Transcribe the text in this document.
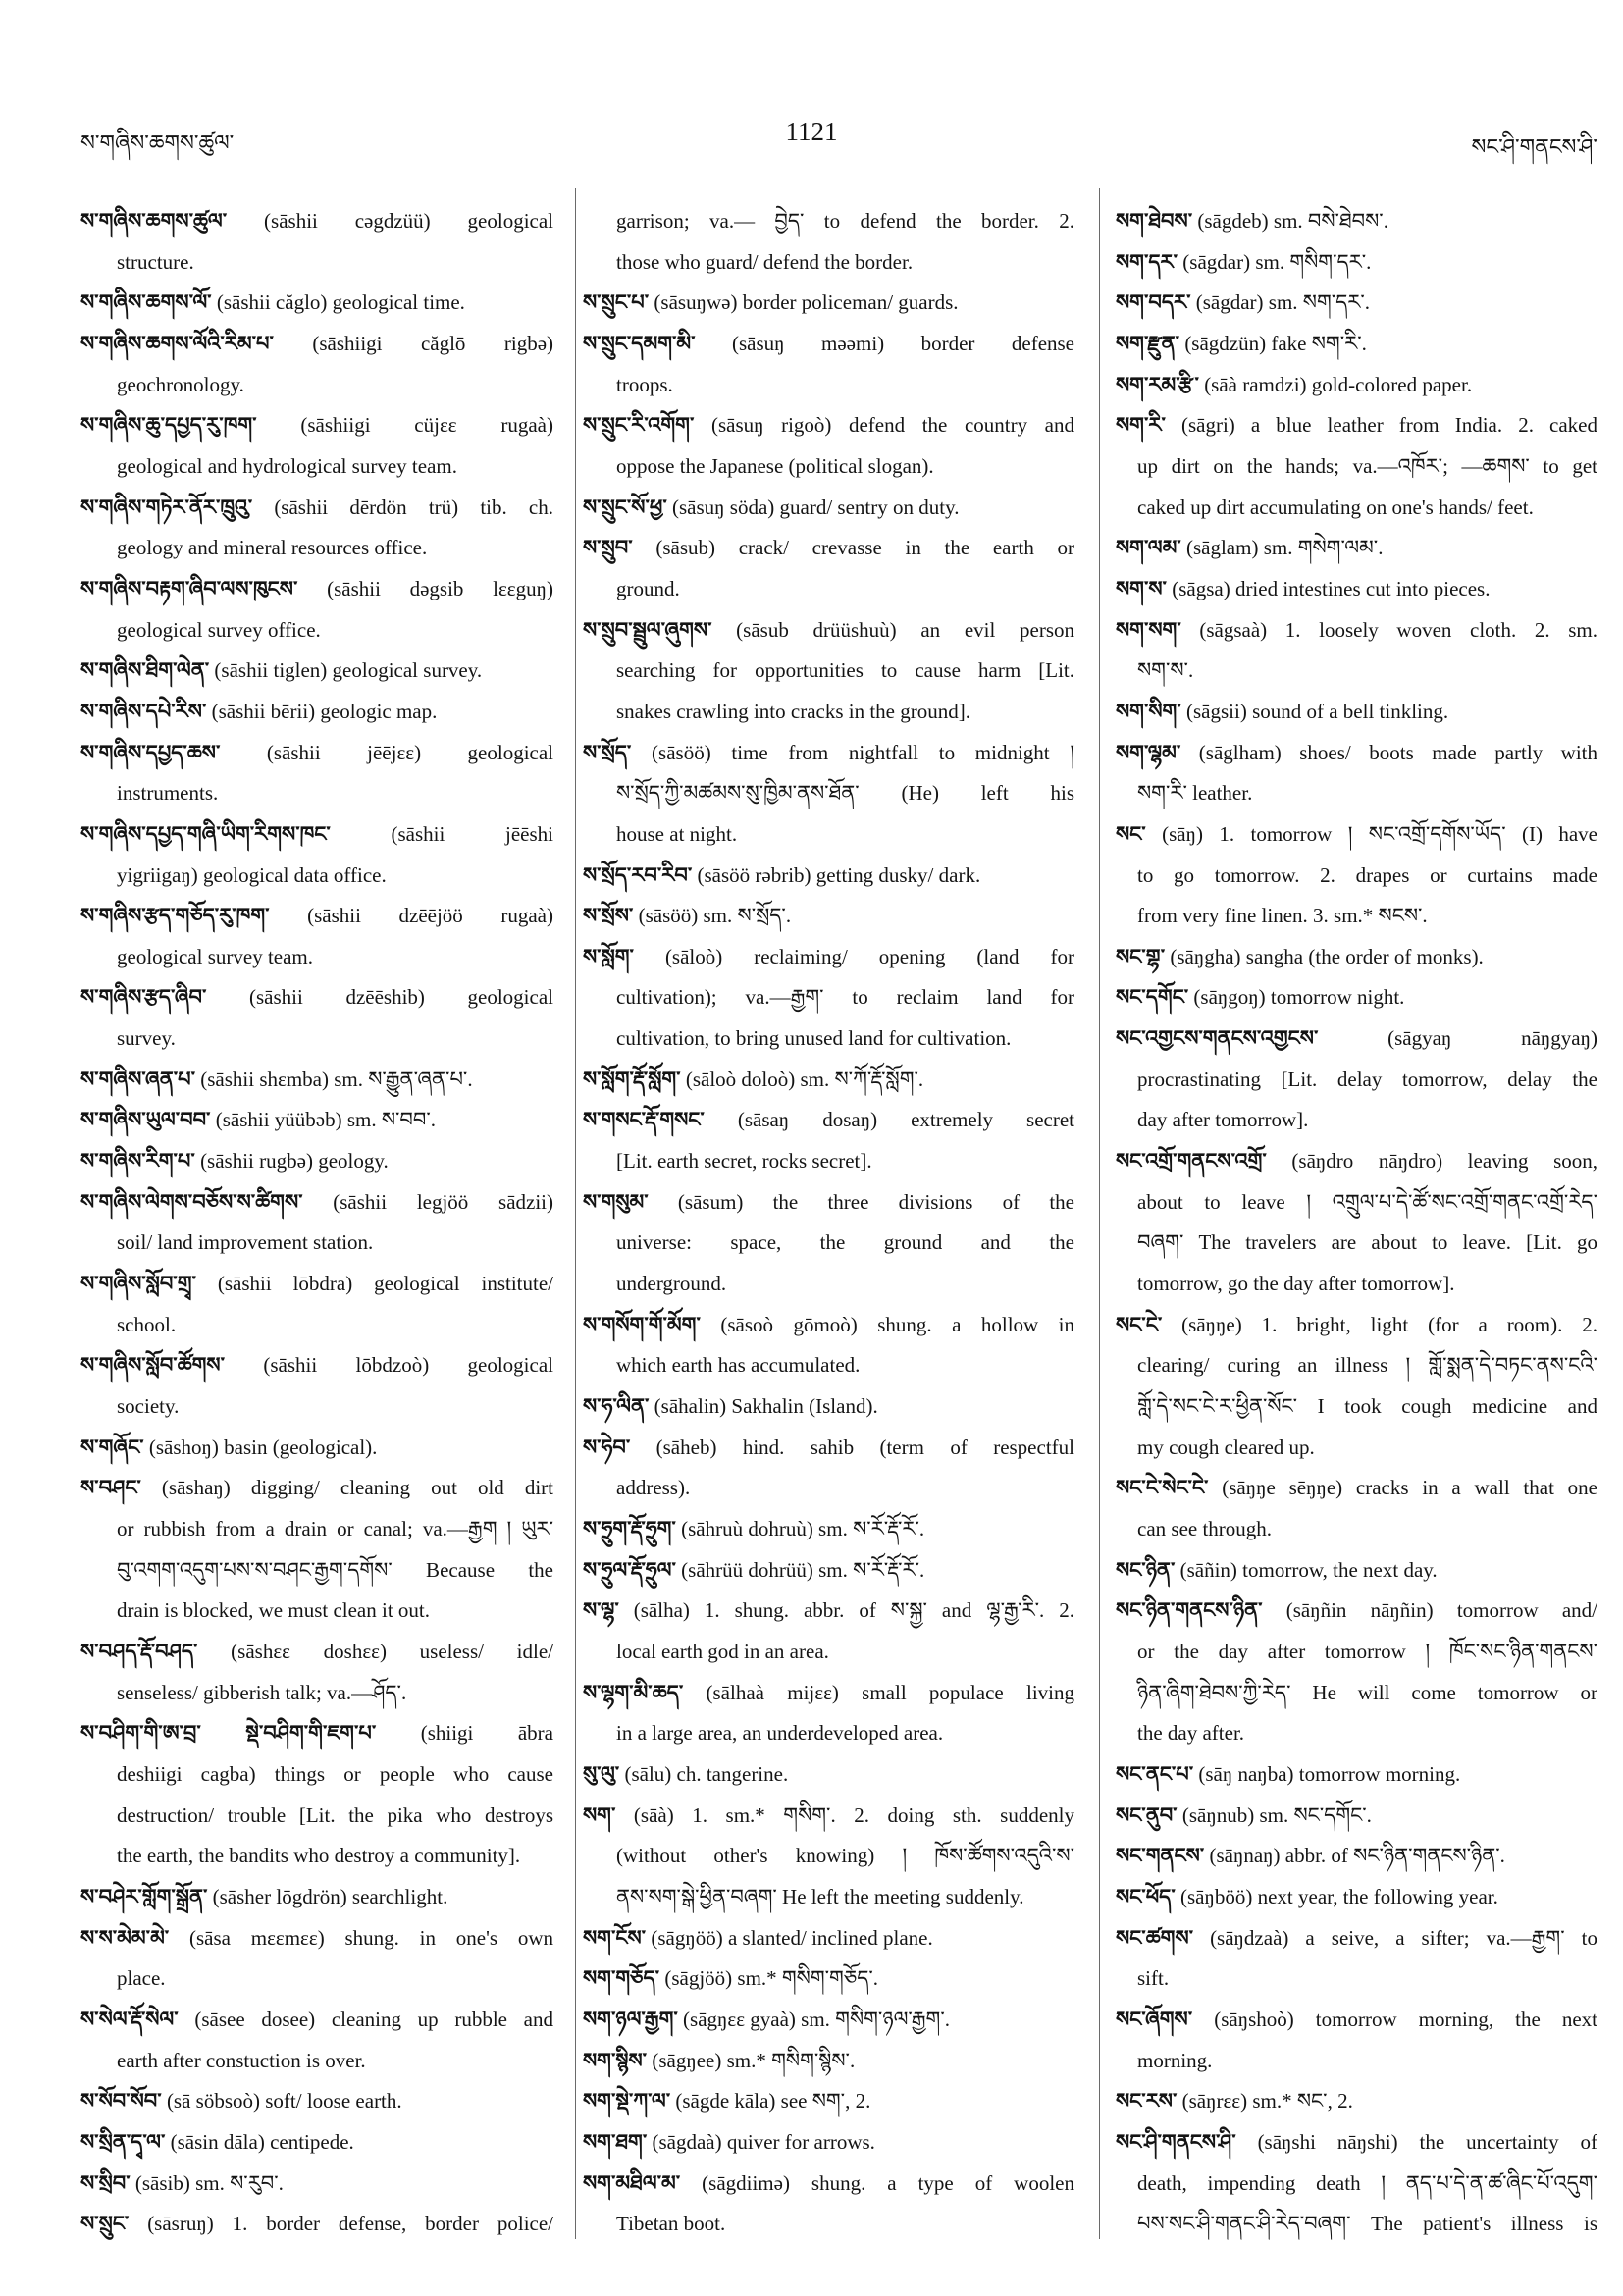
ས་གཞིས་ཆགས་ཚུལ་	1121
སང་ཤི་གནངས་ཤི་
ས་གཞིས་ཆགས་ཚུལ་ (sāshii cəgdzüü) geological
structure.
ས་གཞིས་ཆགས་ལོ་ (sāshii căglo) geological time.
ས་གཞིས་ཆགས་ལོའི་རིམ་པ་ (sāshiigi căglō rigbə)
geochronology.
ས་གཞིས་ཆུ་དཔྱད་རུ་ཁག་ (sāshiigi cüjεε rugaà)
geological and hydrological survey team.
ས་གཞིས་གཏེར་ནོར་ཁྲུའུ་ (sāshii dērdön trü) tib. ch.
geology and mineral resources office.
ས་གཞིས་བརྟག་ཞིབ་ལས་ཁུངས་ (sāshii dəgsib lεεguŋ)
geological survey office.
ས་གཞིས་ཐིག་ལེན་ (sāshii tiglen) geological survey.
ས་གཞིས་དཔེ་རིས་ (sāshii bērii) geologic map.
ས་གཞིས་དཔྱད་ཆས་ (sāshii jēējεε) geological
instruments.
ས་གཞིས་དཔྱད་གཞི་ཡིག་རིགས་ཁང་	(sāshii jēēshi
yigriigaŋ) geological data office.
ས་གཞིས་རྩད་གཅོད་རུ་ཁག་ (sāshii dzēējöö rugaà)
geological survey team.
ས་གཞིས་རྩད་ཞིབ་ (sāshii dzēēshib) geological
survey.
ས་གཞིས་ཞན་པ་ (sāshii shεmba) sm. ས་རྒྱུན་ཞན་པ་.
ས་གཞིས་ཡུལ་བབ་ (sāshii yüübəb) sm. ས་བབ་.
ས་གཞིས་རིག་པ་ (sāshii rugbə) geology.
ས་གཞིས་ལེགས་བཅོས་ས་ཚིགས་ (sāshii legjöö sādzii)
soil/ land improvement station.
ས་གཞིས་སློབ་གྲྭ་ (sāshii lōbdra) geological institute/
school.
ས་གཞིས་སློབ་ཚོགས་ (sāshii lōbdzoò) geological
society.
ས་གཞོང་ (sāshoŋ) basin (geological).
ས་བཤང་ (sāshaŋ) digging/ cleaning out old dirt
or rubbish from a drain or canal; va.—རྒྱག ། ཡུར་
བུ་འགག་འདུག་པས་ས་བཤང་རྒྱག་དགོས་ Because the
drain is blocked, we must clean it out.
ས་བཤད་རྡོ་བཤད་ (sāshεε doshεε) useless/ idle/
senseless/ gibberish talk; va.—ཤོད་.
ས་བཤིག་གི་ཨ་བྲ་ སྡེ་བཤིག་གི་ཇག་པ་ (shiigi ābra
deshiigi cagba) things or people who cause
destruction/ trouble [Lit. the pika who destroys
the earth, the bandits who destroy a community].
ས་བཤེར་གློག་སྒྲོན་ (sāsher lōgdrön) searchlight.
ས་ས་མེམ་མེ་ (sāsa mεεmεε) shung. in one's own
place.
ས་སེལ་རྡོ་སེལ་ (sāsee dosee) cleaning up rubble and
earth after constuction is over.
ས་སོབ་སོབ་ (sā söbsoò) soft/ loose earth.
ས་སྲིན་དྭ་ལ་ (sāsin dāla) centipede.
ས་སྲིབ་ (sāsib) sm. ས་རུབ་.
ས་སྲུང་ (sāsruŋ) 1. border defense, border police/
garrison; va.— བྱེད་ to defend the border. 2.
those who guard/ defend the border.
ས་སྲུང་པ་ (sāsuŋwə) border policeman/ guards.
ས་སྲུང་དམག་མི་ (sāsuŋ məəmi) border defense
troops.
ས་སྲུང་རི་འགོག་ (sāsuŋ rigoò) defend the country and
oppose the Japanese (political slogan).
ས་སྲུང་སོ་ཕྱ་ (sāsuŋ söda) guard/ sentry on duty.
ས་སྲུབ་ (sāsub) crack/ crevasse in the earth or
ground.
ས་སྲུབ་སྦྲུལ་ཞུགས་ (sāsub drüüshuù) an evil person
searching for opportunities to cause harm [Lit.
snakes crawling into cracks in the ground].
ས་སྲོད་ (sāsöö) time from nightfall to midnight །
ས་སྲོད་ཀྱི་མཚམས་སུ་ཁྱིམ་ནས་ཐོན་ (He) left his
house at night.
ས་སྲོད་རབ་རིབ་ (sāsöö rəbrib) getting dusky/ dark.
ས་སྲོས་ (sāsöö) sm. ས་སྲོད་.
ས་སློག་ (sāloò) reclaiming/ opening (land for
cultivation); va.—རྒྱག་ to reclaim land for
cultivation, to bring unused land for cultivation.
ས་སློག་རྡོ་སློག་ (sāloò doloò) sm. ས་ཀོ་རྡོ་སློག་.
ས་གསང་རྡོ་གསང་ (sāsaŋ dosaŋ) extremely secret
[Lit. earth secret, rocks secret].
ས་གསུམ་ (sāsum) the three divisions of the
universe: space, the ground and the
underground.
ས་གསོག་གོ་མོག་ (sāsoò gōmoò) shung. a hollow in
which earth has accumulated.
ས་ཧ་ལིན་ (sāhalin) Sakhalin (Island).
ས་ཧེབ་ (sāheb) hind. sahib (term of respectful
address).
ས་ཧྲུག་རྡོ་ཧྲུག་ (sāhruù dohruù) sm. ས་རོ་རྡོ་རོ་.
ས་ཧྲུལ་རྡོ་ཧྲུལ་ (sāhrüü dohrüü) sm. ས་རོ་རྡོ་རོ་.
ས་ལྷ་ (sālha) 1. shung. abbr. of ས་སྐྱ་ and ལྷ་རྒྱ་རི་. 2.
local earth god in an area.
ས་ལྷག་མི་ཆད་ (sālhaà mijεε) small populace living
in a large area, an underdeveloped area.
སུ་ལུ་ (sālu) ch. tangerine.
སག་ (sāà) 1. sm.* གསིག་. 2. doing sth. suddenly
(without other's knowing) ། ཁོས་ཚོགས་འདུའི་ས་
ནས་སག་སྒེ་ཕྱིན་བཞག་ He left the meeting suddenly.
སག་ངོས་ (sāgŋöö) a slanted/ inclined plane.
སག་གཅོད་ (sāgjöö) sm.* གསིག་གཅོད་.
སག་ཉལ་རྒྱག་ (sāgŋεε gyaà) sm. གསིག་ཉལ་རྒྱག་.
སག་སྙིས་ (sāgŋee) sm.* གསིག་སྙིས་.
སག་སྡེ་ཀ་ལ་ (sāgde kāla) see སག་, 2.
སག་ཐག་ (sāgdaà) quiver for arrows.
སག་མཐིལ་མ་ (sāgdiimə) shung. a type of woolen
Tibetan boot.
སག་ཐེབས་ (sāgdeb) sm. བསེ་ཐེབས་.
སག་དར་ (sāgdar) sm. གསིག་དར་.
སག་བདར་ (sāgdar) sm. སག་དར་.
སག་རྫུན་ (sāgdzün) fake སག་རི་.
སག་རམ་རྩི་ (sāà ramdzi) gold-colored paper.
སག་རི་ (sāgri) a blue leather from India. 2. caked
up dirt on the hands; va.—འཁོར་; —ཆགས་ to get
caked up dirt accumulating on one's hands/ feet.
སག་ལམ་ (sāglam) sm. གསེག་ལམ་.
སག་ས་ (sāgsa) dried intestines cut into pieces.
སག་སག་ (sāgsaà) 1. loosely woven cloth. 2. sm.
སག་ས་.
སག་སིག་ (sāgsii) sound of a bell tinkling.
སག་ལྷམ་ (sāglham) shoes/ boots made partly with
སག་རི་ leather.
སང་ (sāŋ) 1. tomorrow ། སང་འགྲོ་དགོས་ཡོད་ (I) have
to go tomorrow. 2. drapes or curtains made
from very fine linen. 3. sm.* སངས་.
སང་གྷ་ (sāŋgha) sangha (the order of monks).
སང་དགོང་ (sāŋgoŋ) tomorrow night.
སང་འགྱངས་གནངས་འགྱངས་	(sāgyaŋ nāŋgyaŋ)
procrastinating [Lit. delay tomorrow, delay the
day after tomorrow].
སང་འགྲོ་གནངས་འགྲོ་ (sāŋdro nāŋdro) leaving soon,
about to leave ། འགྲུལ་པ་དེ་ཚོ་སང་འགྲོ་གནང་འགྲོ་རེད་
བཞག་ The travelers are about to leave. [Lit. go
tomorrow, go the day after tomorrow].
སང་ངེ་ (sāŋŋe) 1. bright, light (for a room). 2.
clearing/ curing an illness ། གློ་སྨན་དེ་བཏང་ནས་ངའི་
གློ་དེ་སང་ངེ་ར་ཕྱིན་སོང་ I took cough medicine and
my cough cleared up.
སང་ངེ་སེང་ངེ་ (sāŋŋe sēŋŋe) cracks in a wall that one
can see through.
སང་ཉིན་ (sāñin) tomorrow, the next day.
སང་ཉིན་གནངས་ཉིན་ (sāŋñin nāŋñin) tomorrow and/
or the day after tomorrow ། ཁོང་སང་ཉིན་གནངས་
ཉིན་ཞིག་ཐེབས་ཀྱི་རེད་ He will come tomorrow or
the day after.
སང་ནང་པ་ (sāŋ naŋba) tomorrow morning.
སང་ནུབ་ (sāŋnub) sm. སང་དགོང་.
སང་གནངས་ (sāŋnaŋ) abbr. of སང་ཉིན་གནངས་ཉིན་.
སང་ཕོད་ (sāŋböö) next year, the following year.
སང་ཚགས་ (sāŋdzaà) a seive, a sifter; va.—རྒྱག་ to
sift.
སང་ཞོགས་ (sāŋshoò) tomorrow morning, the next
morning.
སང་རས་ (sāŋrεε) sm.* སང་, 2.
སང་ཤི་གནངས་ཤི་ (sāŋshi nāŋshi) the uncertainty of
death, impending death ། ནད་པ་དེ་ན་ཚ་ཞིང་པོ་འདུག་
པས་སང་ཤི་གནང་ཤི་རེད་བཞག་ The patient's illness is
